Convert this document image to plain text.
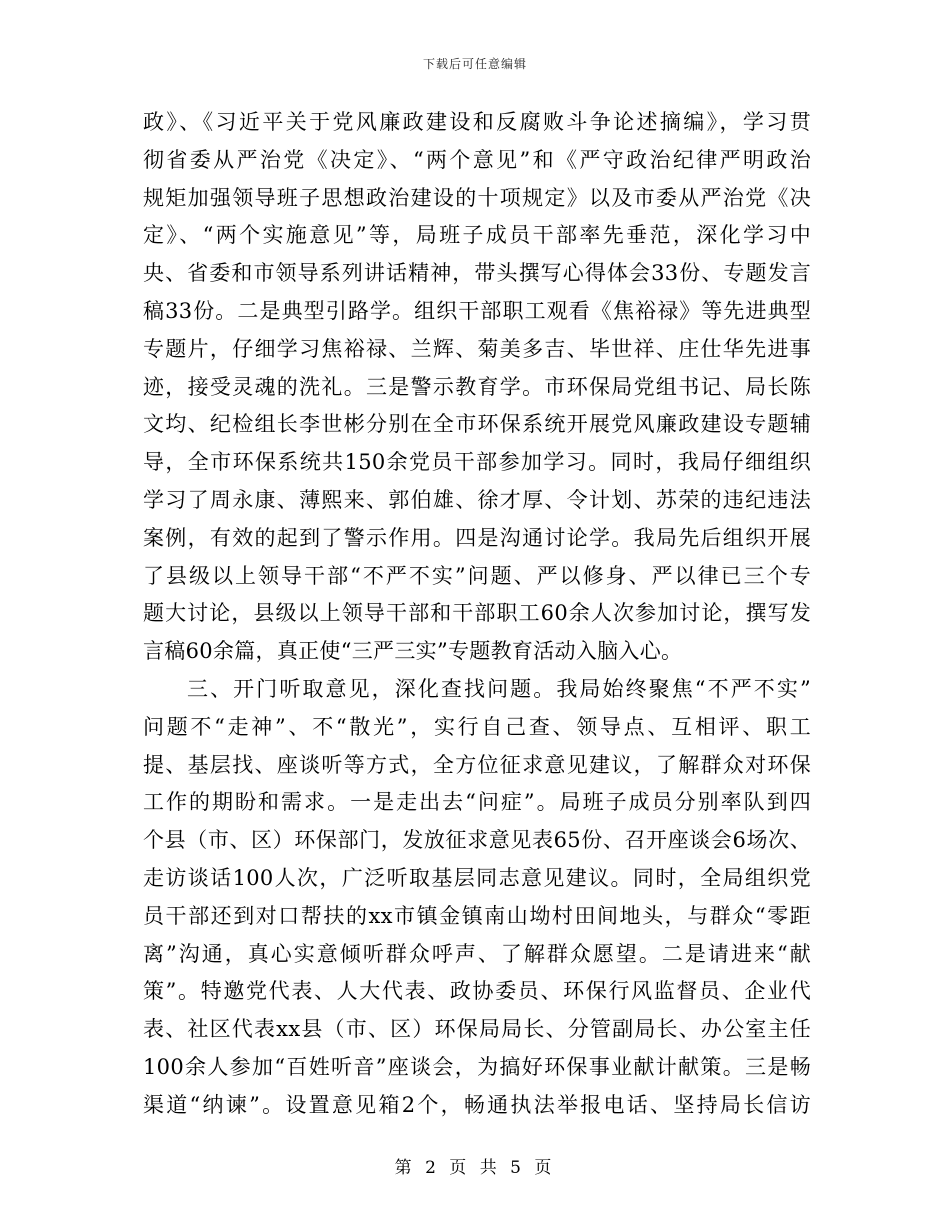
下载后可任意编辑
政》、《习近平关于党风廉政建设和反腐败斗争论述摘编》，学习贯
彻省委从严治党《决定》、“两个意见”和《严守政治纪律严明政治
规矩加强领导班子思想政治建设的十项规定》以及市委从严治党《决
定》、“两个实施意见”等，局班子成员干部率先垂范，深化学习中
央、省委和市领导系列讲话精神，带头撰写心得体会33份、专题发言
稿33份。二是典型引路学。组织干部职工观看《焦裕禄》等先进典型
专题片，仔细学习焦裕禄、兰辉、菊美多吉、毕世祥、庄仕华先进事
迹，接受灵魂的洗礼。三是警示教育学。市环保局党组书记、局长陈
文均、纪检组长李世彬分别在全市环保系统开展党风廉政建设专题辅
导，全市环保系统共150余党员干部参加学习。同时，我局仔细组织
学习了周永康、薄熙来、郭伯雄、徐才厚、令计划、苏荣的违纪违法
案例，有效的起到了警示作用。四是沟通讨论学。我局先后组织开展
了县级以上领导干部“不严不实”问题、严以修身、严以律已三个专
题大讨论，县级以上领导干部和干部职工60余人次参加讨论，撰写发
言稿60余篇，真正使“三严三实”专题教育活动入脑入心。
三、开门听取意见，深化查找问题。我局始终聚焦“不严不实”
问题不“走神”、不“散光”，实行自己查、领导点、互相评、职工
提、基层找、座谈听等方式，全方位征求意见建议，了解群众对环保
工作的期盼和需求。一是走出去“问症”。局班子成员分别率队到四
个县（市、区）环保部门，发放征求意见表65份、召开座谈会6场次、
走访谈话100人次，广泛听取基层同志意见建议。同时，全局组织党
员干部还到对口帮扶的xx市镇金镇南山坳村田间地头，与群众“零距
离”沟通，真心实意倾听群众呼声、了解群众愿望。二是请进来“献
策”。特邀党代表、人大代表、政协委员、环保行风监督员、企业代
表、社区代表xx县（市、区）环保局局长、分管副局长、办公室主任
100余人参加“百姓听音”座谈会，为搞好环保事业献计献策。三是畅
渠道“纳谏”。设置意见箱2个，畅通执法举报电话、坚持局长信访
第 2 页 共 5 页
